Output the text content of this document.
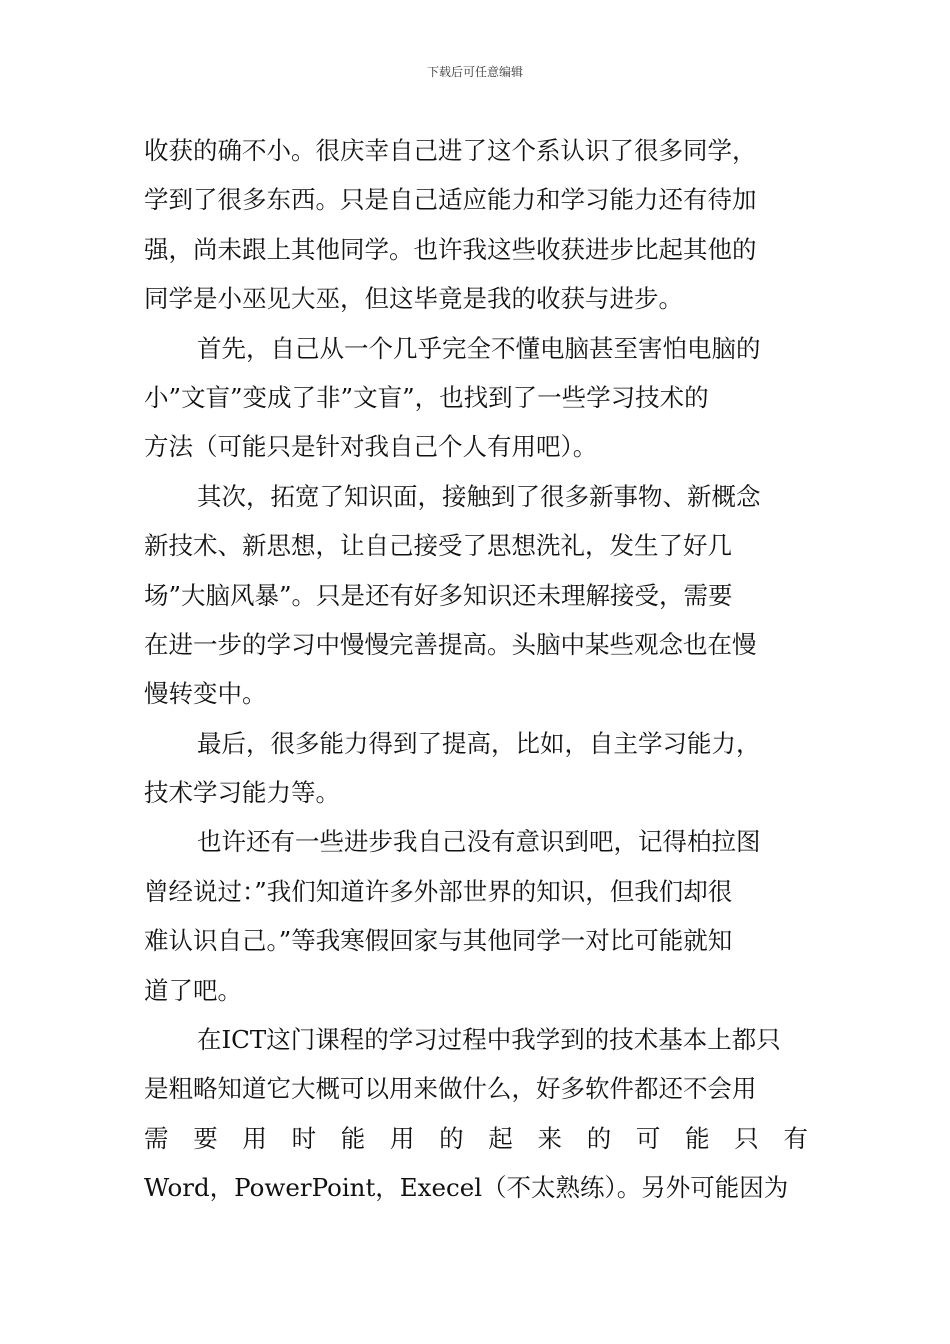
下载后可任意编辑
收获的确不小。很庆幸自己进了这个系认识了很多同学，
学到了很多东西。只是自己适应能力和学习能力还有待加
强，尚未跟上其他同学。也许我这些收获进步比起其他的
同学是小巫见大巫，但这毕竟是我的收获与进步。
首先，自己从一个几乎完全不懂电脑甚至害怕电脑的
小”文盲”变成了非”文盲”，也找到了一些学习技术的
方法（可能只是针对我自己个人有用吧）。
其次，拓宽了知识面，接触到了很多新事物、新概念
新技术、新思想，让自己接受了思想洗礼，发生了好几
场”大脑风暴”。只是还有好多知识还未理解接受，需要
在进一步的学习中慢慢完善提高。头脑中某些观念也在慢
慢转变中。
最后，很多能力得到了提高，比如，自主学习能力，
技术学习能力等。
也许还有一些进步我自己没有意识到吧，记得柏拉图
曾经说过：”我们知道许多外部世界的知识，但我们却很
难认识自己。”等我寒假回家与其他同学一对比可能就知
道了吧。
在ICT这门课程的学习过程中我学到的技术基本上都只
是粗略知道它大概可以用来做什么，好多软件都还不会用
需 要 用 时 能 用 的 起 来 的 可 能 只 有
Word，PowerPoint，Execel（不太熟练）。另外可能因为
